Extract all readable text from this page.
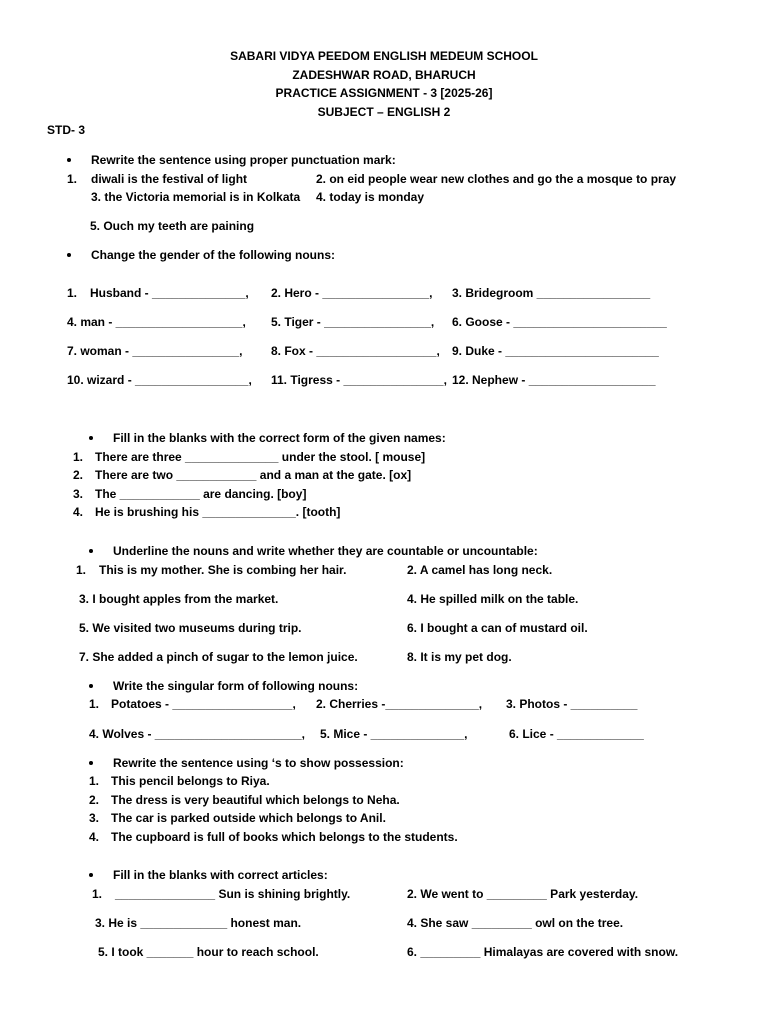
SABARI VIDYA PEEDOM ENGLISH MEDEUM SCHOOL
ZADESHWAR ROAD, BHARUCH
PRACTICE ASSIGNMENT - 3 [2025-26]
SUBJECT – ENGLISH 2
STD- 3
Rewrite the sentence using proper punctuation mark:
1. diwali is the festival of light	2. on eid people wear new clothes and go the a mosque to pray
3. the Victoria memorial is in Kolkata 4. today is monday
5. Ouch my teeth are paining
Change the gender of the following nouns:
1. Husband - ______________, 2. Hero - ________________, 3. Bridegroom _________________
4. man - ___________________, 5. Tiger - ________________, 6. Goose - _______________________
7. woman - ________________, 8. Fox - __________________, 9. Duke - _______________________
10. wizard - _________________, 11. Tigress - _______________, 12. Nephew - ___________________
Fill in the blanks with the correct form of the given names:
1. There are three ______________ under the stool. [ mouse]
2. There are two ____________ and a man at the gate. [ox]
3. The ____________ are dancing. [boy]
4. He is brushing his ______________. [tooth]
Underline the nouns and write whether they are countable or uncountable:
1. This is my mother. She is combing her hair.	2. A camel has long neck.
3. I bought apples from the market.	4. He spilled milk on the table.
5. We visited two museums during trip.	6. I bought a can of mustard oil.
7. She added a pinch of sugar to the lemon juice.	8. It is my pet dog.
Write the singular form of following nouns:
1. Potatoes - __________________, 2. Cherries -______________, 3. Photos - __________
4. Wolves - ______________________, 5. Mice - ______________,	6. Lice - _____________
Rewrite the sentence using ‘s to show possession:
1. This pencil belongs to Riya.
2. The dress is very beautiful which belongs to Neha.
3. The car is parked outside which belongs to Anil.
4. The cupboard is full of books which belongs to the students.
Fill in the blanks with correct articles:
1. _______________ Sun is shining brightly.	2. We went to _________ Park yesterday.
3. He is _____________ honest man.	4. She saw _________ owl on the tree.
5. I took _______ hour to reach school.	6. _________ Himalayas are covered with snow.
